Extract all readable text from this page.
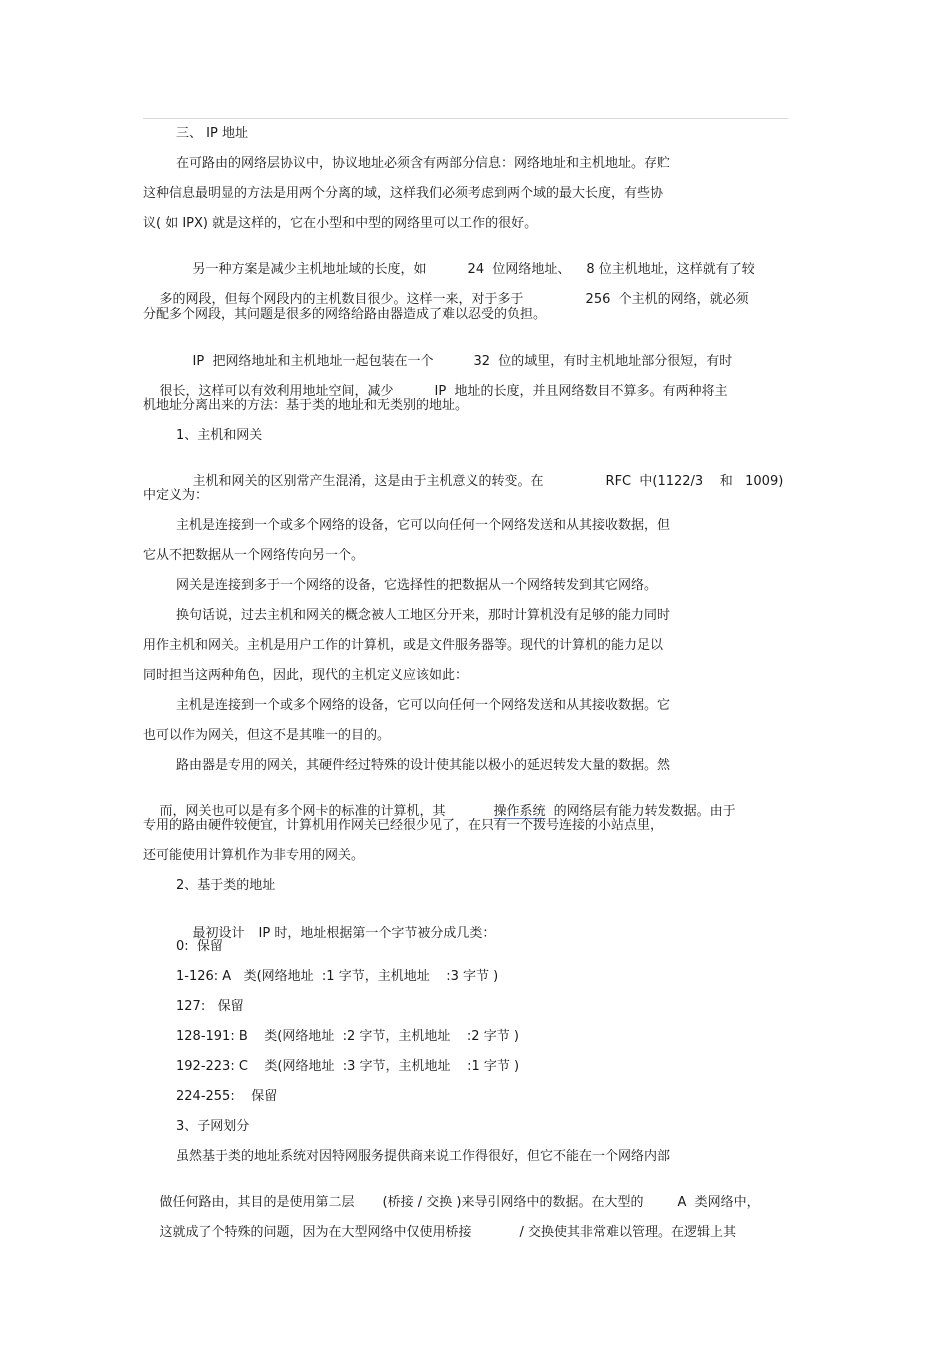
三、 IP 地址
在可路由的网络层协议中，协议地址必须含有两部分信息：网络地址和主机地址。存贮
这种信息最明显的方法是用两个分离的域，这样我们必须考虑到两个域的最大长度，有些协
议( 如 IPX) 就是这样的，它在小型和中型的网络里可以工作的很好。

另一种方案是减少主机地址域的长度，如	24  位网络地址、 8 位主机地址，这样就有了较

多的网段，但每个网段内的主机数目很少。这样一来，对于多于	256  个主机的网络，就必须

分配多个网段，其问题是很多的网络给路由器造成了难以忍受的负担。

IP  把网络地址和主机地址一起包装在一个	32  位的域里，有时主机地址部分很短，有时

很长，这样可以有效利用地址空间，减少	IP  地址的长度，并且网络数目不算多。有两种将主

机地址分离出来的方法：基于类的地址和无类别的地址。
1、主机和网关

主机和网关的区别常产生混淆，这是由于主机意义的转变。在	RFC  中(1122/3    和   1009)

中定义为：
主机是连接到一个或多个网络的设备，它可以向任何一个网络发送和从其接收数据，但
它从不把数据从一个网络传向另一个。
网关是连接到多于一个网络的设备，它选择性的把数据从一个网络转发到其它网络。
换句话说，过去主机和网关的概念被人工地区分开来，那时计算机没有足够的能力同时
用作主机和网关。主机是用户工作的计算机，或是文件服务器等。现代的计算机的能力足以
同时担当这两种角色，因此，现代的主机定义应该如此：
主机是连接到一个或多个网络的设备，它可以向任何一个网络发送和从其接收数据。它
也可以作为网关，但这不是其唯一的目的。
路由器是专用的网关，其硬件经过特殊的设计使其能以极小的延迟转发大量的数据。然

而，网关也可以是有多个网卡的标准的计算机，其	操作系统 的网络层有能力转发数据。由于

专用的路由硬件较便宜，计算机用作网关已经很少见了，在只有一个拨号连接的小站点里，
还可能使用计算机作为非专用的网关。
2、基于类的地址

最初设计 IP 时，地址根据第一个字节被分成几类：

0:  保留
1-126: A   类(网络地址  :1 字节，主机地址    :3 字节 )
127:   保留
128-191: B    类(网络地址  :2 字节，主机地址    :2 字节 )
192-223: C    类(网络地址  :3 字节，主机地址    :1 字节 )
224-255:    保留
3、子网划分
虽然基于类的地址系统对因特网服务提供商来说工作得很好，但它不能在一个网络内部

做任何路由，其目的是使用第二层 (桥接 / 交换 )来导引网络中的数据。在大型的	A  类网络中，

这就成了个特殊的问题，因为在大型网络中仅使用桥接	/ 交换使其非常难以管理。在逻辑上其
